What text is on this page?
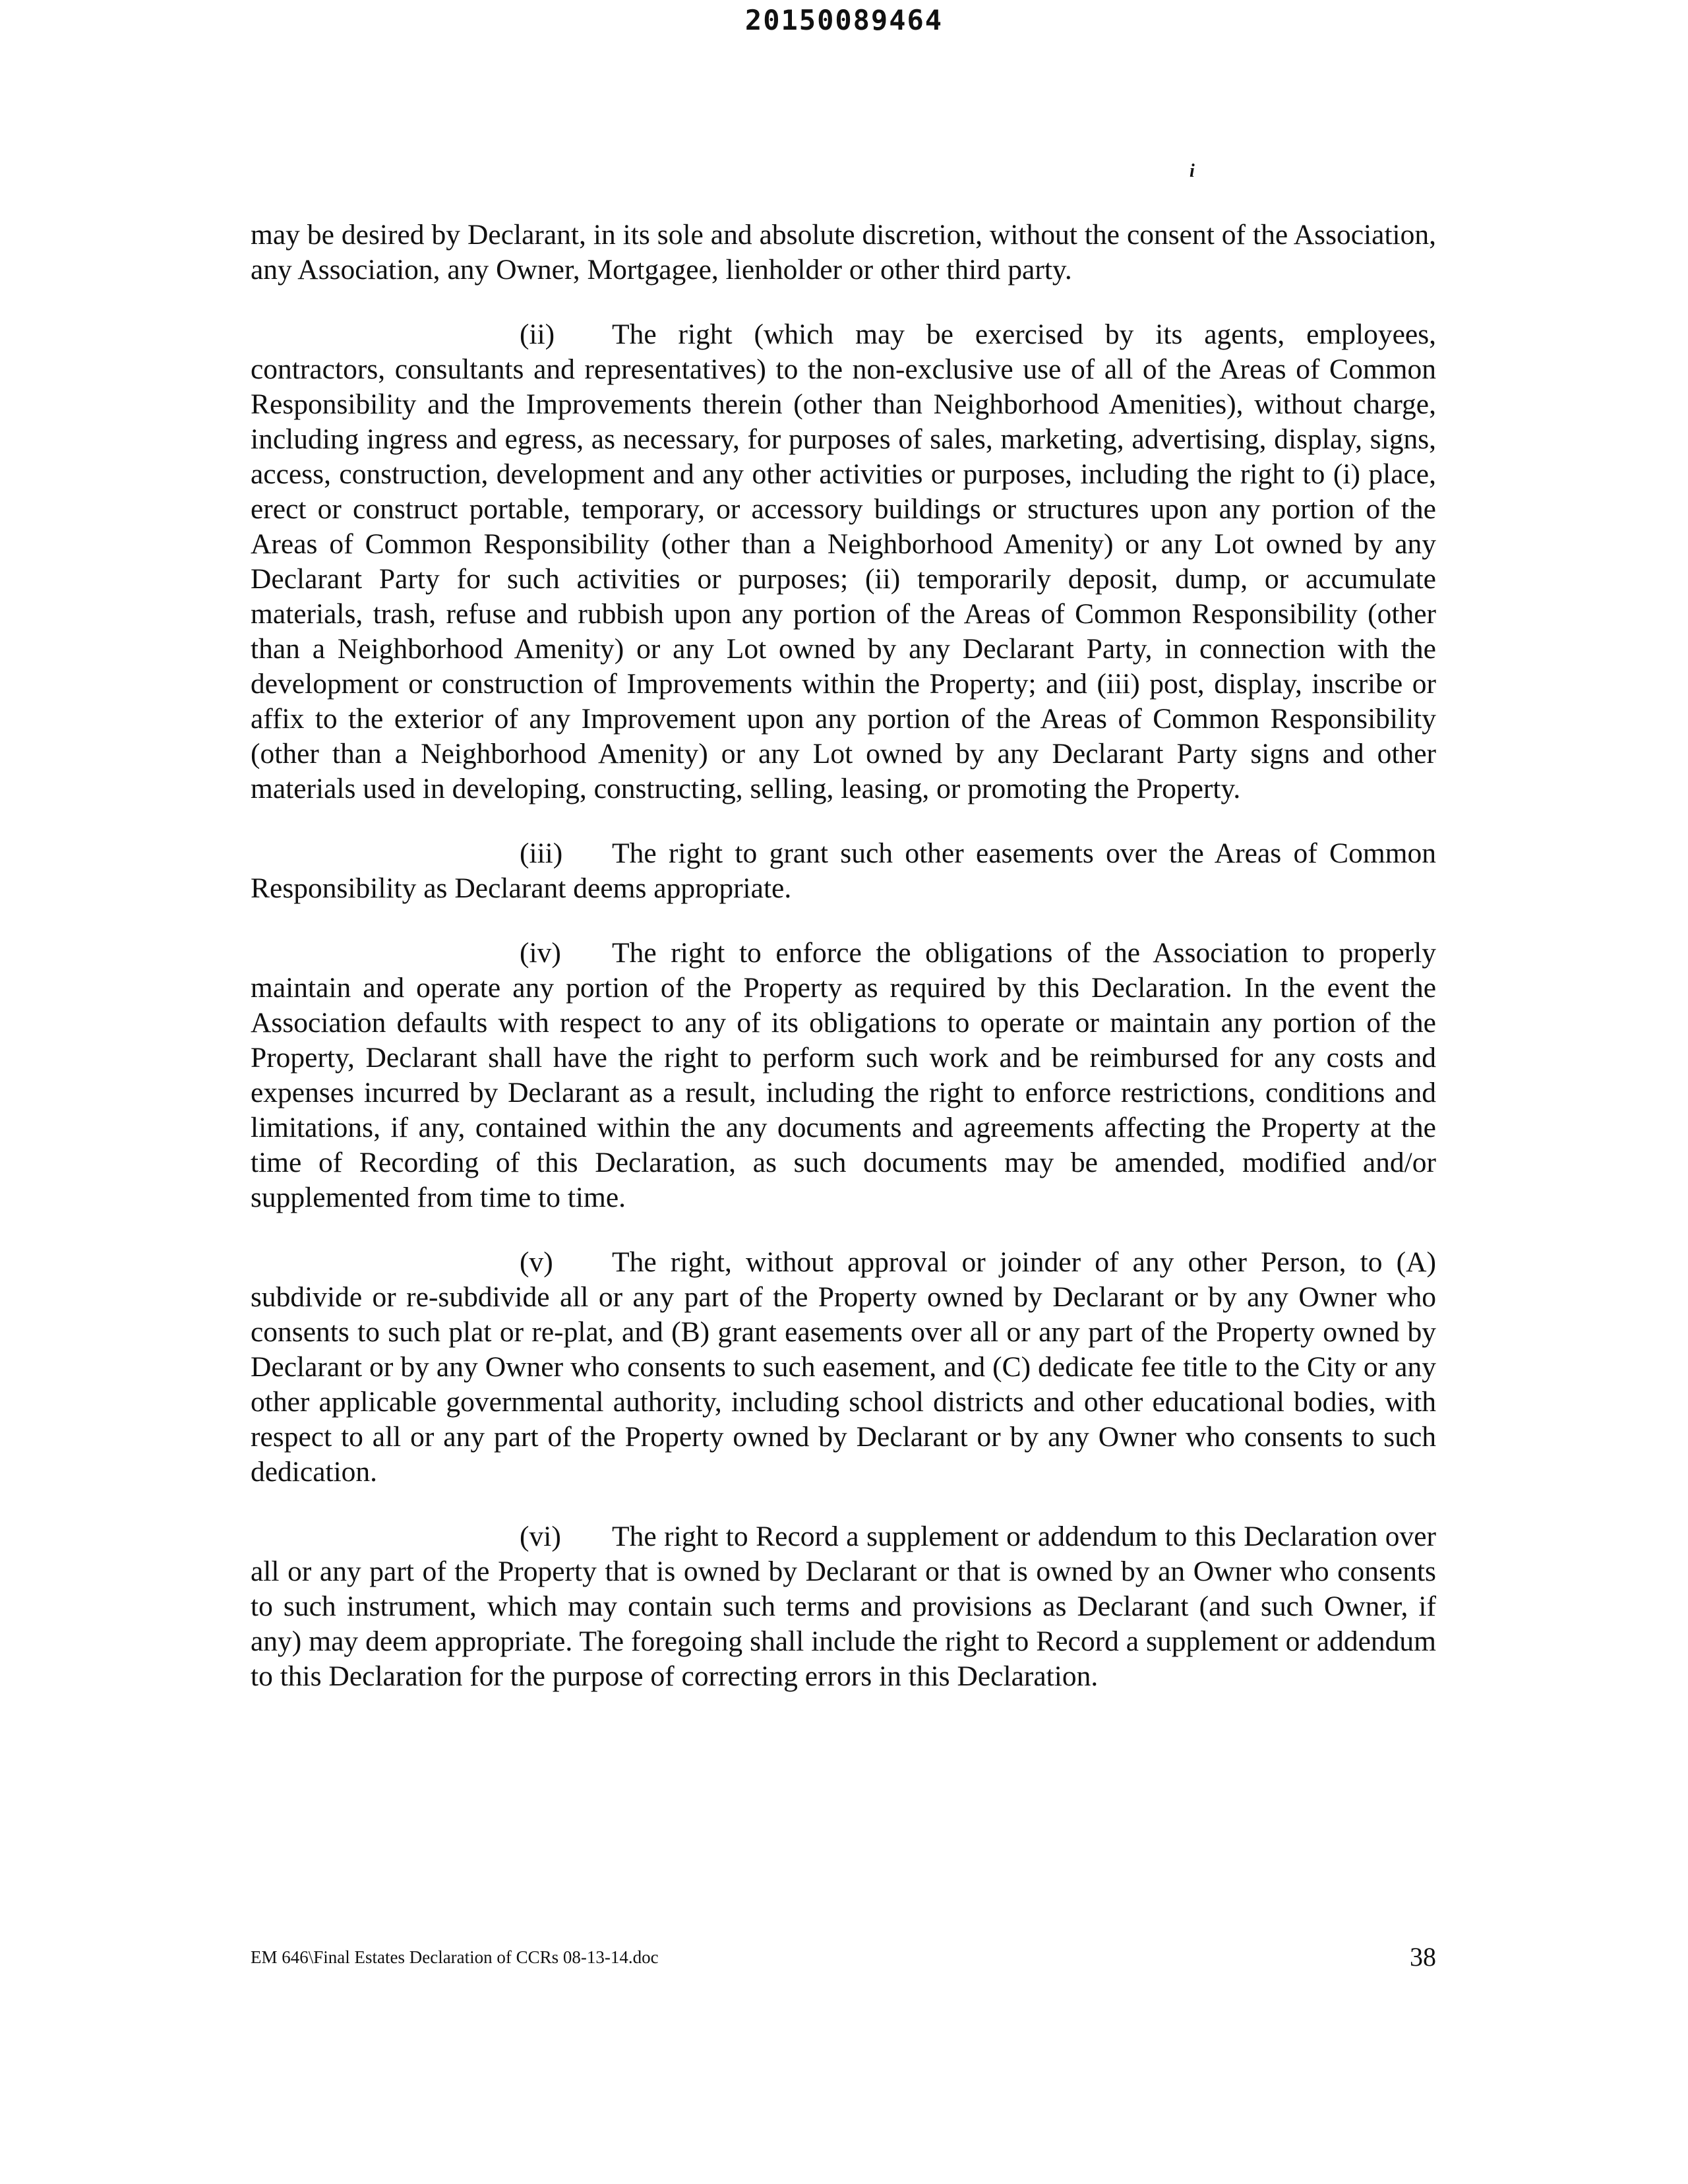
20150089464
i

may be desired by Declarant, in its sole and absolute discretion, without the consent of the Association, any Association, any Owner, Mortgagee, lienholder or other third party.

(ii) The right (which may be exercised by its agents, employees, contractors, consultants and representatives) to the non-exclusive use of all of the Areas of Common Responsibility and the Improvements therein (other than Neighborhood Amenities), without charge, including ingress and egress, as necessary, for purposes of sales, marketing, advertising, display, signs, access, construction, development and any other activities or purposes, including the right to (i) place, erect or construct portable, temporary, or accessory buildings or structures upon any portion of the Areas of Common Responsibility (other than a Neighborhood Amenity) or any Lot owned by any Declarant Party for such activities or purposes; (ii) temporarily deposit, dump, or accumulate materials, trash, refuse and rubbish upon any portion of the Areas of Common Responsibility (other than a Neighborhood Amenity) or any Lot owned by any Declarant Party, in connection with the development or construction of Improvements within the Property; and (iii) post, display, inscribe or affix to the exterior of any Improvement upon any portion of the Areas of Common Responsibility (other than a Neighborhood Amenity) or any Lot owned by any Declarant Party signs and other materials used in developing, constructing, selling, leasing, or promoting the Property.

(iii) The right to grant such other easements over the Areas of Common Responsibility as Declarant deems appropriate.

(iv) The right to enforce the obligations of the Association to properly maintain and operate any portion of the Property as required by this Declaration. In the event the Association defaults with respect to any of its obligations to operate or maintain any portion of the Property, Declarant shall have the right to perform such work and be reimbursed for any costs and expenses incurred by Declarant as a result, including the right to enforce restrictions, conditions and limitations, if any, contained within the any documents and agreements affecting the Property at the time of Recording of this Declaration, as such documents may be amended, modified and/or supplemented from time to time.

(v) The right, without approval or joinder of any other Person, to (A) subdivide or re-subdivide all or any part of the Property owned by Declarant or by any Owner who consents to such plat or re-plat, and (B) grant easements over all or any part of the Property owned by Declarant or by any Owner who consents to such easement, and (C) dedicate fee title to the City or any other applicable governmental authority, including school districts and other educational bodies, with respect to all or any part of the Property owned by Declarant or by any Owner who consents to such dedication.

(vi) The right to Record a supplement or addendum to this Declaration over all or any part of the Property that is owned by Declarant or that is owned by an Owner who consents to such instrument, which may contain such terms and provisions as Declarant (and such Owner, if any) may deem appropriate. The foregoing shall include the right to Record a supplement or addendum to this Declaration for the purpose of correcting errors in this Declaration.

EM 646\Final Estates Declaration of CCRs 08-13-14.doc	38
